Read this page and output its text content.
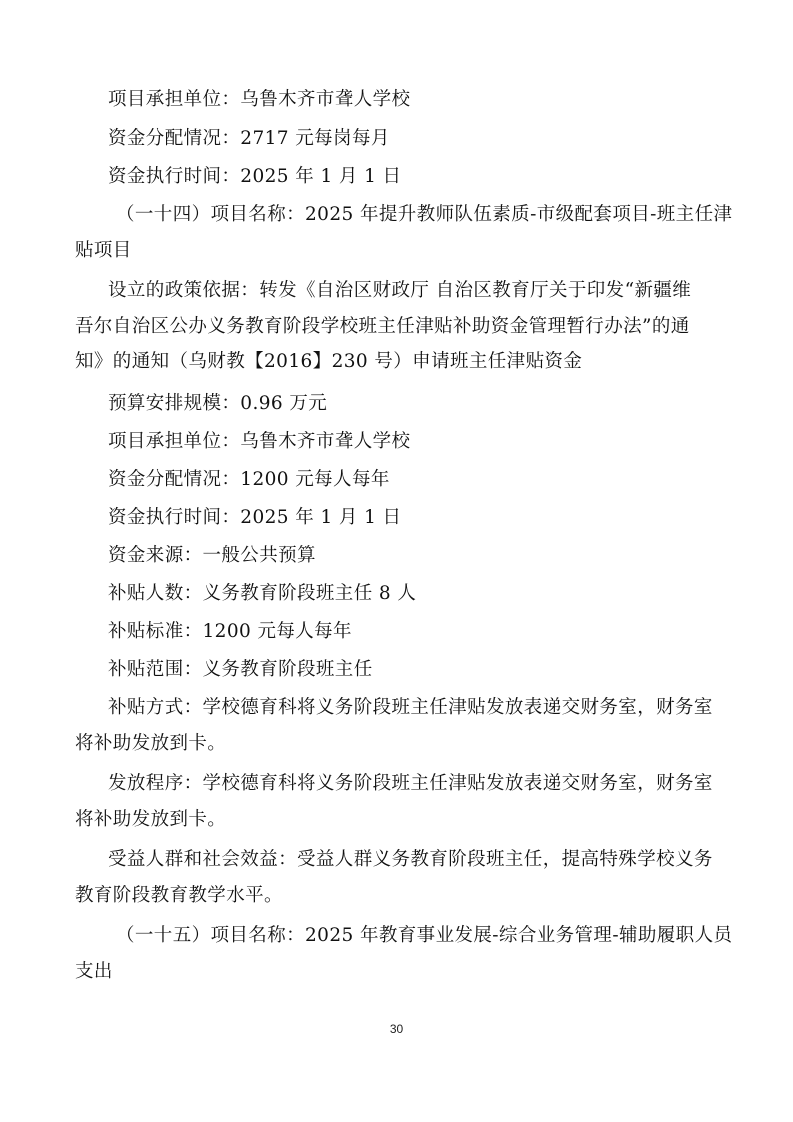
项目承担单位：乌鲁木齐市聋人学校

资金分配情况：2717 元每岗每月

资金执行时间：2025 年 1 月 1 日

（一十四）项目名称：2025 年提升教师队伍素质-市级配套项目-班主任津
贴项目

设立的政策依据：转发《自治区财政厅 自治区教育厅关于印发“新疆维
吾尔自治区公办义务教育阶段学校班主任津贴补助资金管理暂行办法”的通
知》的通知（乌财教【2016】230 号）申请班主任津贴资金

预算安排规模：0.96 万元

项目承担单位：乌鲁木齐市聋人学校

资金分配情况：1200 元每人每年

资金执行时间：2025 年 1 月 1 日

资金来源：一般公共预算

补贴人数：义务教育阶段班主任 8 人

补贴标准：1200 元每人每年

补贴范围：义务教育阶段班主任

补贴方式：学校德育科将义务阶段班主任津贴发放表递交财务室，财务室
将补助发放到卡。

发放程序：学校德育科将义务阶段班主任津贴发放表递交财务室，财务室
将补助发放到卡。

受益人群和社会效益：受益人群义务教育阶段班主任，提高特殊学校义务
教育阶段教育教学水平。

（一十五）项目名称：2025 年教育事业发展-综合业务管理-辅助履职人员
支出

30
